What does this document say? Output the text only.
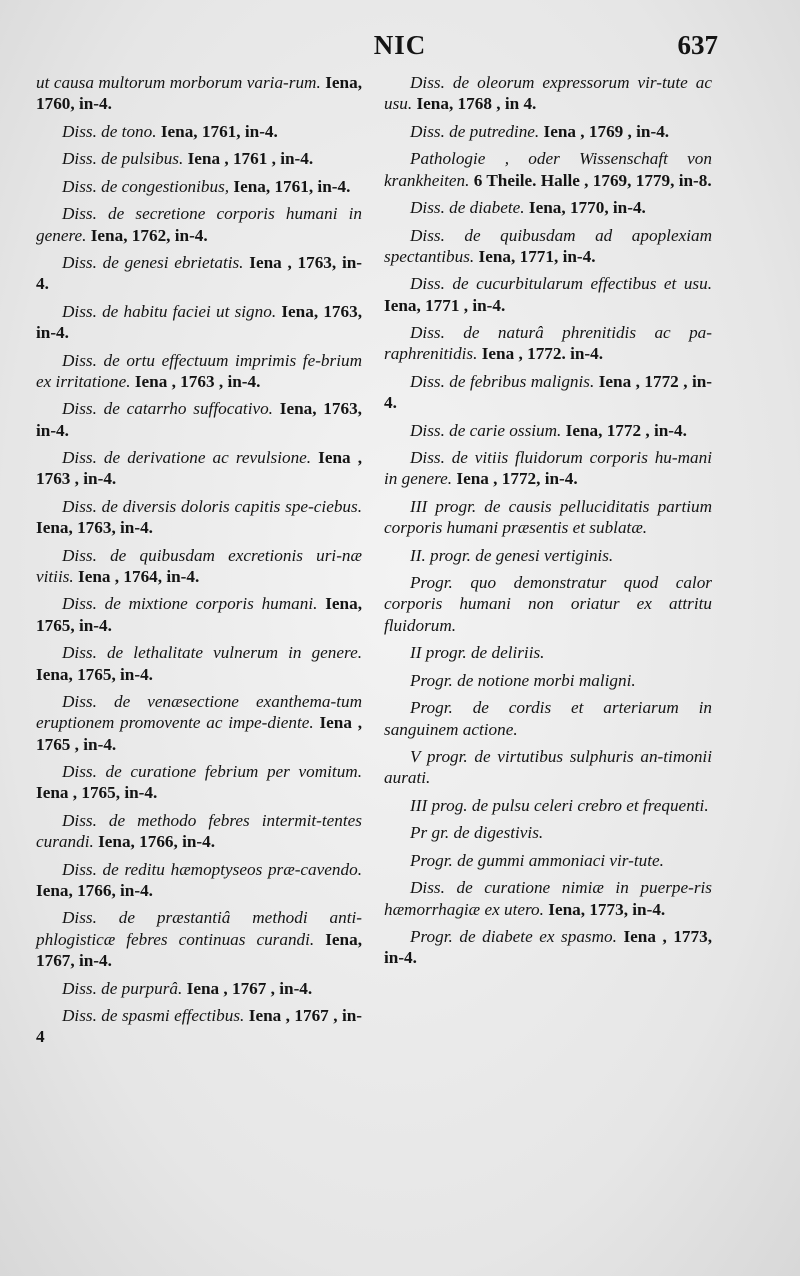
NIC	637
ut causa multorum morborum varia-rum. Iena, 1760, in-4.
Diss. de tono. Iena, 1761, in-4.
Diss. de pulsibus. Iena , 1761 , in-4.
Diss. de congestionibus, Iena, 1761, in-4.
Diss. de secretione corporis humani in genere. Iena, 1762, in-4.
Diss. de genesi ebrietatis. Iena , 1763, in-4.
Diss. de habitu faciei ut signo. Iena, 1763, in-4.
Diss. de ortu effectuum imprimis fe-brium ex irritatione. Iena , 1763 , in-4.
Diss. de catarrho suffocativo. Iena, 1763, in-4.
Diss. de derivatione ac revulsione. Iena , 1763 , in-4.
Diss. de diversis doloris capitis spe-ciebus. Iena, 1763, in-4.
Diss. de quibusdam excretionis uri-næ vitiis. Iena , 1764, in-4.
Diss. de mixtione corporis humani. Iena, 1765, in-4.
Diss. de lethalitate vulnerum in genere. Iena, 1765, in-4.
Diss. de venæsectione exanthema-tum eruptionem promovente ac impe-diente. Iena , 1765 , in-4.
Diss. de curatione febrium per vomitum. Iena , 1765, in-4.
Diss. de methodo febres intermit-tentes curandi. Iena, 1766, in-4.
Diss. de reditu hæmoptyseos præ-cavendo. Iena, 1766, in-4.
Diss. de præstantiâ methodi anti-phlogisticæ febres continuas curandi. Iena, 1767, in-4.
Diss. de purpurâ. Iena , 1767 , in-4.
Diss. de spasmi effectibus. Iena , 1767 , in-4
Diss. de oleorum expressorum vir-tute ac usu. Iena, 1768 , in 4.
Diss. de putredine. Iena , 1769 , in-4.
Pathologie , oder Wissenschaft von krankheiten. 6 Theile. Halle , 1769, 1779, in-8.
Diss. de diabete. Iena, 1770, in-4.
Diss. de quibusdam ad apoplexiam spectantibus. Iena, 1771, in-4.
Diss. de cucurbitularum effectibus et usu. Iena, 1771 , in-4.
Diss. de naturâ phrenitidis ac pa-raphrenitidis. Iena , 1772. in-4.
Diss. de febribus malignis. Iena , 1772 , in-4.
Diss. de carie ossium. Iena, 1772 , in-4.
Diss. de vitiis fluidorum corporis hu-mani in genere. Iena , 1772, in-4.
III progr. de causis pelluciditatis partium corporis humani præsentis et sublatæ.
II. progr. de genesi vertiginis.
Progr. quo demonstratur quod calor corporis humani non oriatur ex attritu fluidorum.
II progr. de deliriis.
Progr. de notione morbi maligni.
Progr. de cordis et arteriarum in sanguinem actione.
V progr. de virtutibus sulphuris an-timonii aurati.
III prog. de pulsu celeri crebro et frequenti.
Pr gr. de digestivis.
Progr. de gummi ammoniaci vir-tute.
Diss. de curatione nimiæ in puerpe-ris hæmorrhagiæ ex utero. Iena, 1773, in-4.
Progr. de diabete ex spasmo. Iena , 1773, in-4.
